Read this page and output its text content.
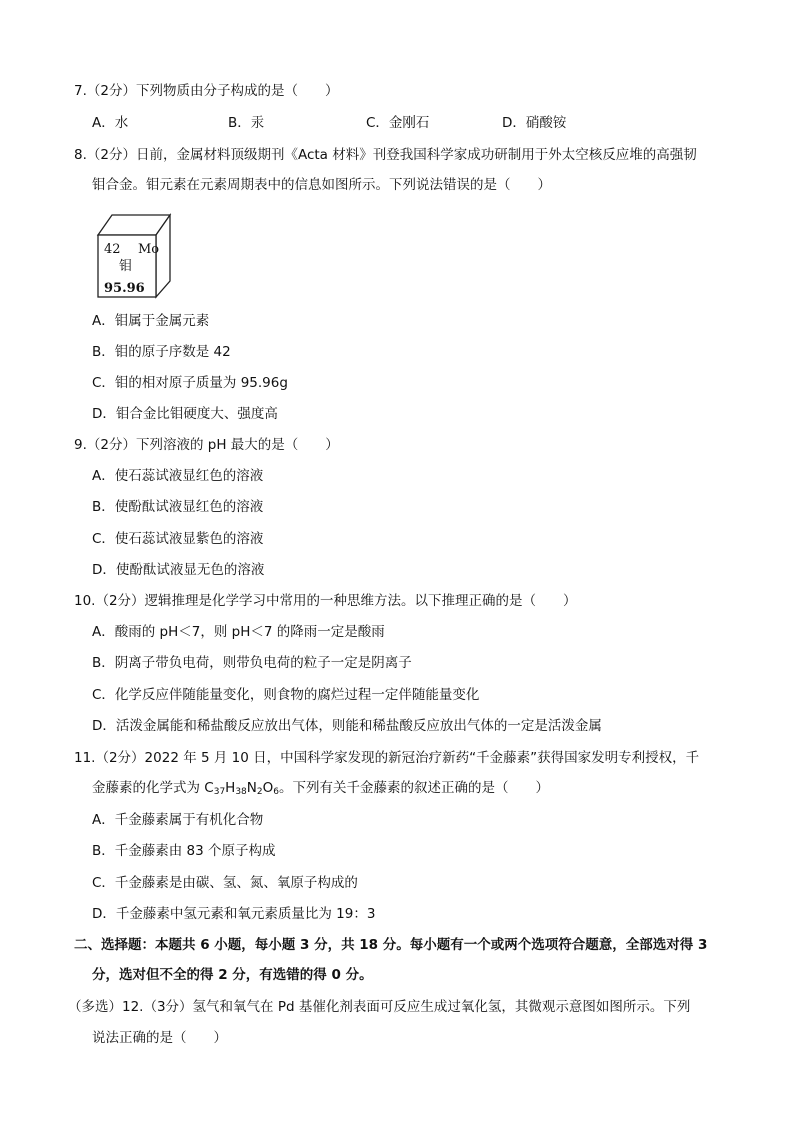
7.（2分）下列物质由分子构成的是（　　）
A．水	B．汞	C．金刚石	D．硝酸铵
8.（2分）日前，金属材料顶级期刊《Acta 材料》刊登我国科学家成功研制用于外太空核反应堆的高强韧
钼合金。钼元素在元素周期表中的信息如图所示。下列说法错误的是（　　）
42 Mo
钼
95.96
A．钼属于金属元素
B．钼的原子序数是 42
C．钼的相对原子质量为 95.96g
D．钼合金比钼硬度大、强度高
9.（2分）下列溶液的 pH 最大的是（　　）
A．使石蕊试液显红色的溶液
B．使酚酞试液显红色的溶液
C．使石蕊试液显紫色的溶液
D．使酚酞试液显无色的溶液
10.（2分）逻辑推理是化学学习中常用的一种思维方法。以下推理正确的是（　　）
A．酸雨的 pH＜7，则 pH＜7 的降雨一定是酸雨
B．阴离子带负电荷，则带负电荷的粒子一定是阴离子
C．化学反应伴随能量变化，则食物的腐烂过程一定伴随能量变化
D．活泼金属能和稀盐酸反应放出气体，则能和稀盐酸反应放出气体的一定是活泼金属
11.（2分）2022 年 5 月 10 日，中国科学家发现的新冠治疗新药“千金藤素”获得国家发明专利授权，千
金藤素的化学式为 $C_{37}H_{38}N_2O_6$。下列有关千金藤素的叙述正确的是（　　）
A．千金藤素属于有机化合物
B．千金藤素由 83 个原子构成
C．千金藤素是由碳、氢、氮、氧原子构成的
D．千金藤素中氢元素和氧元素质量比为 19：3
二、选择题：本题共 6 小题，每小题 3 分，共 18 分。每小题有一个或两个选项符合题意，全部选对得 3
分，选对但不全的得 2 分，有选错的得 0 分。
（多选）12.（3分）氢气和氧气在 Pd 基催化剂表面可反应生成过氧化氢，其微观示意图如图所示。下列
说法正确的是（　　）
